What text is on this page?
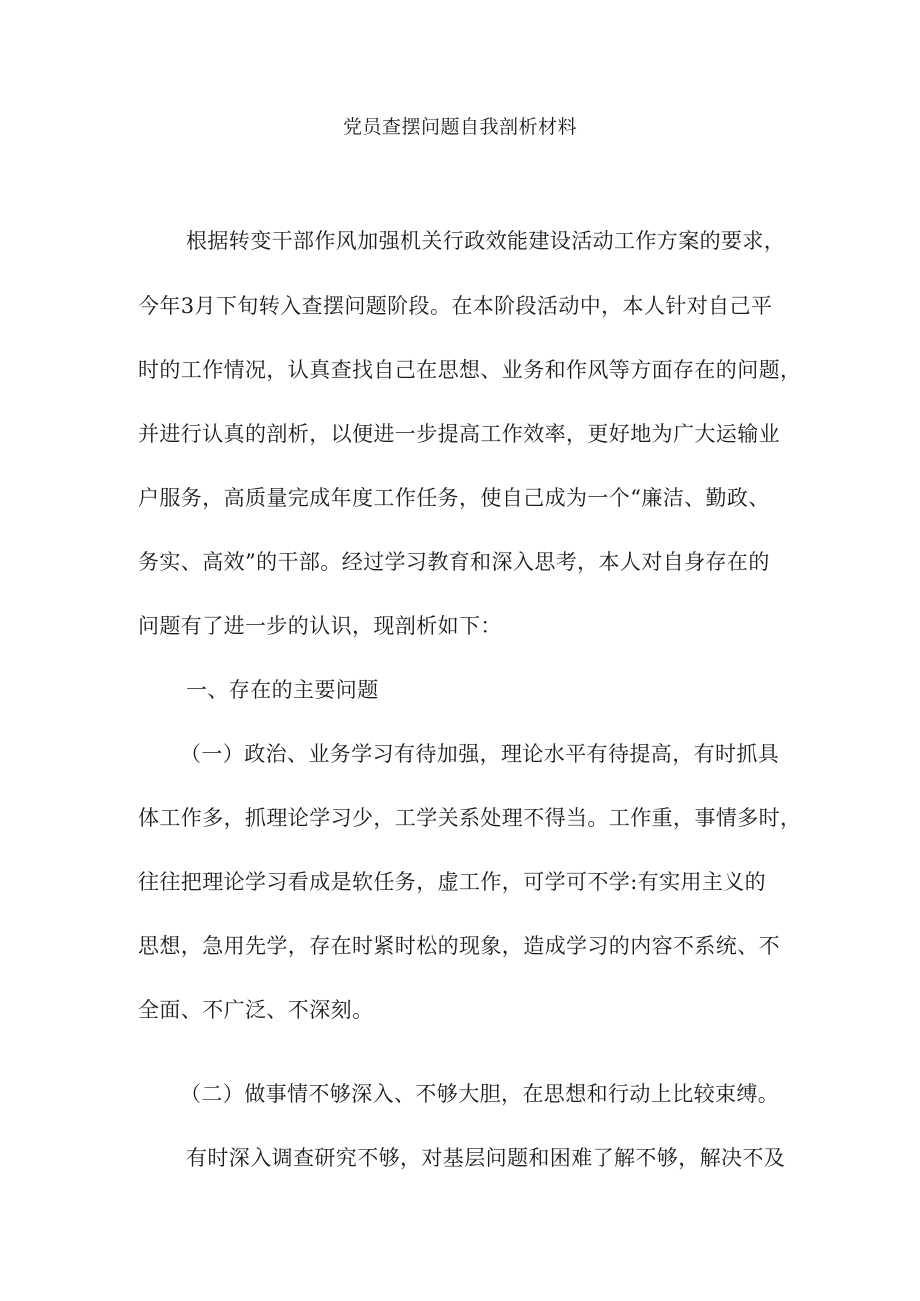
党员查摆问题自我剖析材料

根据转变干部作风加强机关行政效能建设活动工作方案的要求，

今年3月下旬转入查摆问题阶段。在本阶段活动中，本人针对自己平

时的工作情况，认真查找自己在思想、业务和作风等方面存在的问题，

并进行认真的剖析，以便进一步提高工作效率，更好地为广大运输业

户服务，高质量完成年度工作任务，使自己成为一个“廉洁、勤政、

务实、高效”的干部。经过学习教育和深入思考，本人对自身存在的

问题有了进一步的认识，现剖析如下：

一、存在的主要问题

（一）政治、业务学习有待加强，理论水平有待提高，有时抓具

体工作多，抓理论学习少，工学关系处理不得当。工作重，事情多时，

往往把理论学习看成是软任务，虚工作，可学可不学:有实用主义的

思想，急用先学，存在时紧时松的现象，造成学习的内容不系统、不

全面、不广泛、不深刻。

（二）做事情不够深入、不够大胆，在思想和行动上比较束缚。

有时深入调查研究不够，对基层问题和困难了解不够，解决不及
